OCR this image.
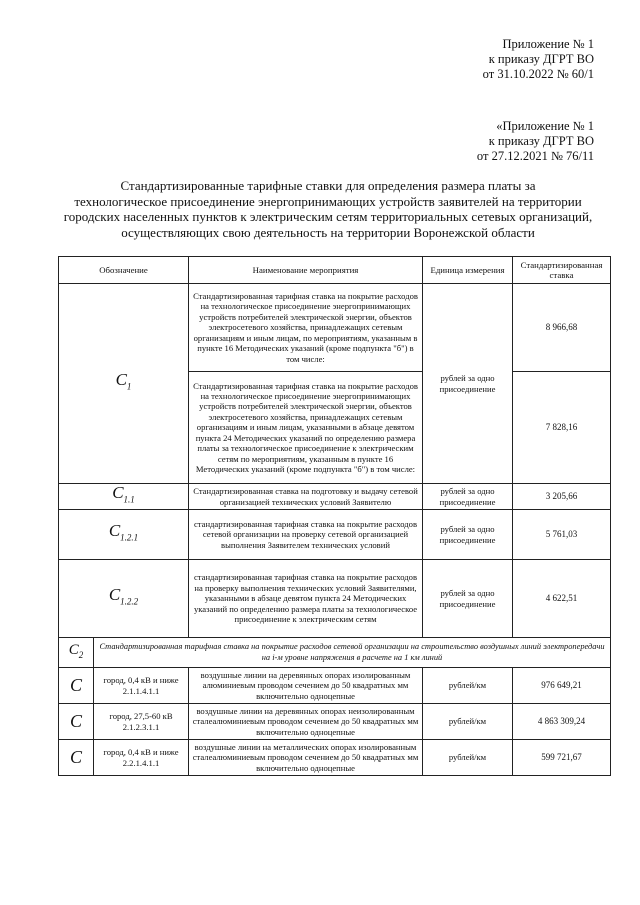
Приложение № 1
к приказу ДГРТ ВО
от 31.10.2022 № 60/1
«Приложение № 1
к приказу ДГРТ ВО
от 27.12.2021 № 76/11
Стандартизированные тарифные ставки для определения размера платы за
технологическое присоединение энергопринимающих устройств заявителей на территории
городских населенных пунктов к электрическим сетям территориальных сетевых организаций,
осуществляющих свою деятельность на территории Воронежской области
Обозначение		Наименование мероприятия	Единица измерения	Стандартизированная ставка
$C_1$		Стандартизированная тарифная ставка на покрытие расходов на технологическое присоединение энергопринимающих устройств потребителей электрической энергии, объектов электросетевого хозяйства, принадлежащих сетевым организациям и иным лицам, по мероприятиям, указанным в пункте 16 Методических указаний (кроме подпункта "б") в том числе:	рублей за одно присоединение	8 966,68
		Стандартизированная тарифная ставка на покрытие расходов на технологическое присоединение энергопринимающих устройств потребителей электрической энергии, объектов электросетевого хозяйства, принадлежащих сетевым организациям и иным лицам, указанными в абзаце девятом пункта 24 Методических указаний по определению размера платы за технологическое присоединение к электрическим сетям по мероприятиям, указанным в пункте 16 Методических указаний (кроме подпункта "б") в том числе:		7 828,16
$C_{1.1}$		Стандартизированная ставка на подготовку и выдачу сетевой организацией технических условий Заявителю	рублей за одно присоединение	3 205,66
$C_{1.2.1}$		стандартизированная тарифная ставка на покрытие расходов сетевой организации на проверку сетевой организацией выполнения Заявителем технических условий	рублей за одно присоединение	5 761,03
$C_{1.2.2}$		стандартизированная тарифная ставка на покрытие расходов на проверку выполнения технических условий Заявителями, указанными в абзаце девятом пункта 24 Методических указаний по определению размера платы за технологическое присоединение к электрическим сетям	рублей за одно присоединение	4 622,51
$C_2$	Стандартизированная тарифная ставка на покрытие расходов сетевой организации на строительство воздушных линий электропередачи на i-м уровне напряжения в расчете на 1 км линий			
C	город, 0,4 кВ и ниже 2.1.1.4.1.1	воздушные линии на деревянных опорах изолированным алюминиевым проводом сечением до 50 квадратных мм включительно одноцепные	рублей/км	976 649,21
C	город, 27,5-60 кВ 2.1.2.3.1.1	воздушные линии на деревянных опорах неизолированным сталеалюминиевым проводом сечением до 50 квадратных мм включительно одноцепные	рублей/км	4 863 309,24
C	город, 0,4 кВ и ниже 2.2.1.4.1.1	воздушные линии на металлических опорах изолированным сталеалюминиевым проводом сечением до 50 квадратных мм включительно одноцепные	рублей/км	599 721,67
